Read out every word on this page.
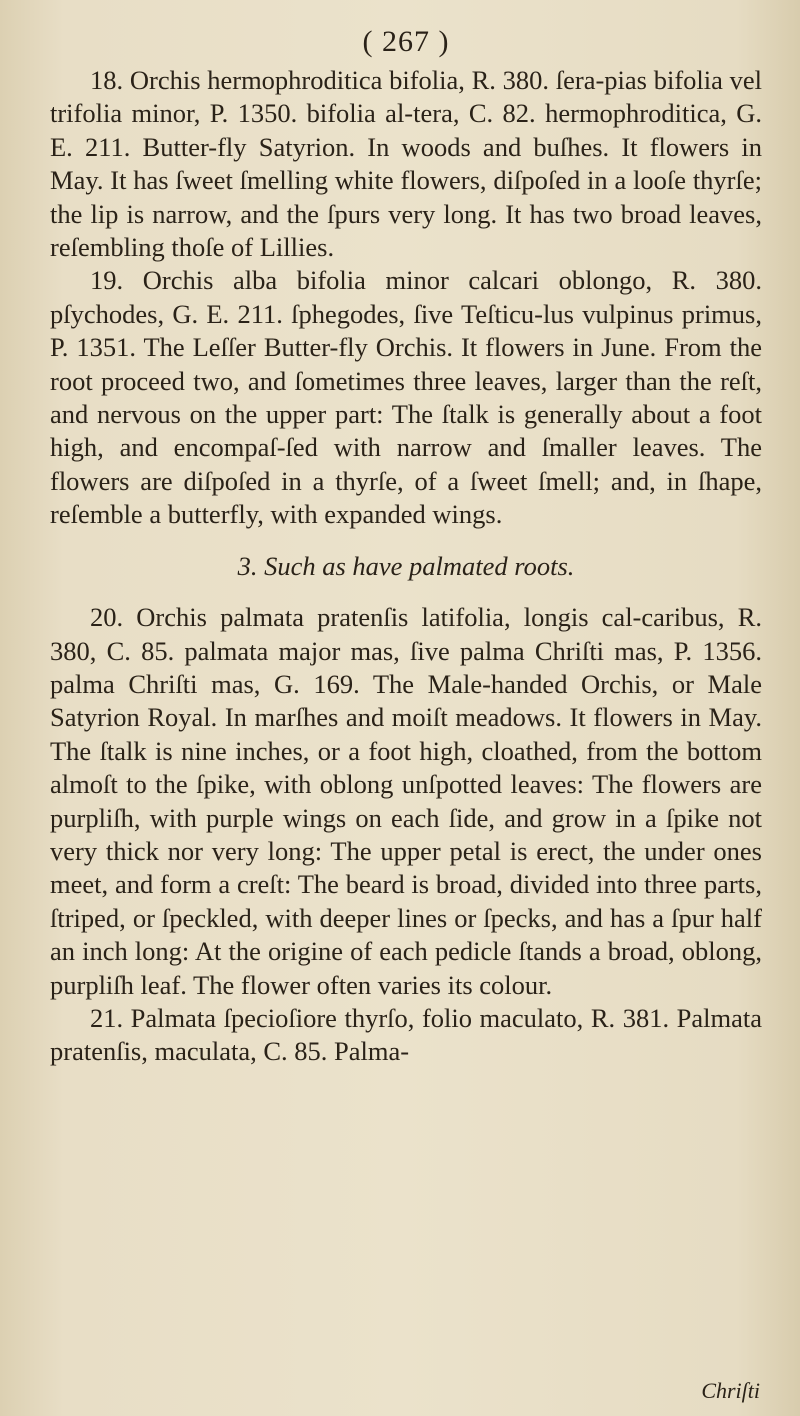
( 267 )

18. Orchis hermophroditica bifolia, R. 380. ſera-pias bifolia vel trifolia minor, P. 1350. bifolia al-tera, C. 82. hermophroditica, G. E. 211. Butter-fly Satyrion. In woods and buſhes. It flowers in May. It has ſweet ſmelling white flowers, diſpoſed in a looſe thyrſe; the lip is narrow, and the ſpurs very long. It has two broad leaves, reſembling thoſe of Lillies.

19. Orchis alba bifolia minor calcari oblongo, R. 380. pſychodes, G. E. 211. ſphegodes, ſive Teſticu-lus vulpinus primus, P. 1351. The Leſſer Butter-fly Orchis. It flowers in June. From the root proceed two, and ſometimes three leaves, larger than the reſt, and nervous on the upper part: The ſtalk is generally about a foot high, and encompaſ-ſed with narrow and ſmaller leaves. The flowers are diſpoſed in a thyrſe, of a ſweet ſmell; and, in ſhape, reſemble a butterfly, with expanded wings.

3. Such as have palmated roots.

20. Orchis palmata pratenſis latifolia, longis cal-caribus, R. 380, C. 85. palmata major mas, ſive palma Chriſti mas, P. 1356. palma Chriſti mas, G. 169. The Male-handed Orchis, or Male Satyrion Royal. In marſhes and moiſt meadows. It flowers in May. The ſtalk is nine inches, or a foot high, cloathed, from the bottom almoſt to the ſpike, with oblong unſpotted leaves: The flowers are purpliſh, with purple wings on each ſide, and grow in a ſpike not very thick nor very long: The upper petal is erect, the under ones meet, and form a creſt: The beard is broad, divided into three parts, ſtriped, or ſpeckled, with deeper lines or ſpecks, and has a ſpur half an inch long: At the origine of each pedicle ſtands a broad, oblong, purpliſh leaf. The flower often varies its colour.

21. Palmata ſpecioſiore thyrſo, folio maculato, R. 381. Palmata pratenſis, maculata, C. 85. Palma-

Chriſti
